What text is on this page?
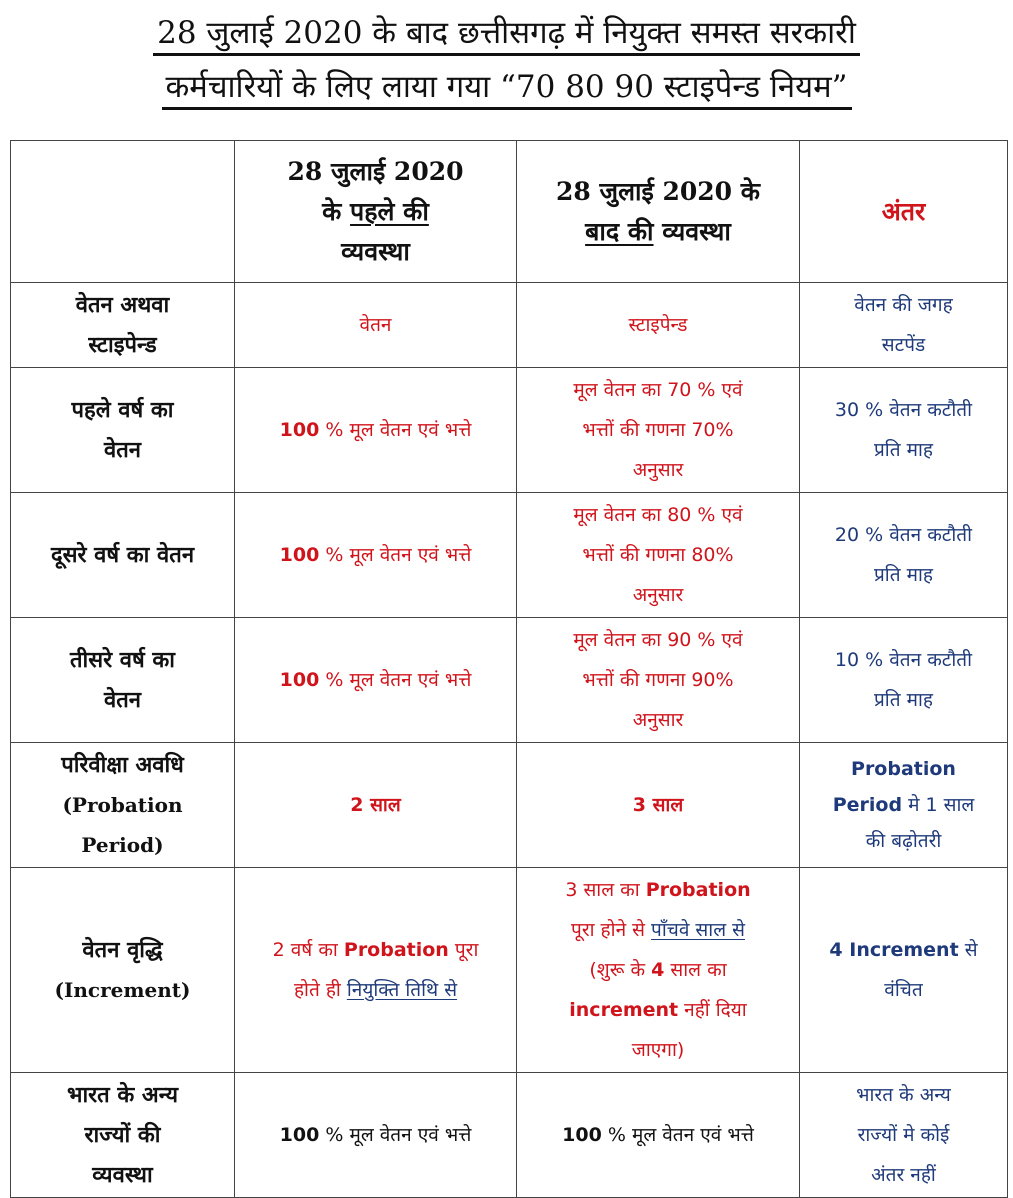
28 जुलाई 2020 के बाद छत्तीसगढ़ में नियुक्त समस्त सरकारी
कर्मचारियों के लिए लाया गया “70 80 90 स्टाइपेन्ड नियम”
	28 जुलाई 2020
के पहले की
व्यवस्था	28 जुलाई 2020 के
बाद की व्यवस्था	अंतर
वेतन अथवा
स्टाइपेन्ड	वेतन	स्टाइपेन्ड	वेतन की जगह
सटपेंड
पहले वर्ष का
वेतन	100 % मूल वेतन एवं भत्ते	मूल वेतन का 70 % एवं
भत्तों की गणना 70%
अनुसार	30 % वेतन कटौती
प्रति माह
दूसरे वर्ष का वेतन	100 % मूल वेतन एवं भत्ते	मूल वेतन का 80 % एवं
भत्तों की गणना 80%
अनुसार	20 % वेतन कटौती
प्रति माह
तीसरे वर्ष का
वेतन	100 % मूल वेतन एवं भत्ते	मूल वेतन का 90 % एवं
भत्तों की गणना 90%
अनुसार	10 % वेतन कटौती
प्रति माह
परिवीक्षा अवधि
(Probation
Period)	2 साल	3 साल	Probation
Period मे 1 साल
की बढ़ोतरी
वेतन वृद्धि
(Increment)	2 वर्ष का Probation पूरा
होते ही नियुक्ति तिथि से	3 साल का Probation
पूरा होने से पाँचवे साल से
(शुरू के 4 साल का
increment नहीं दिया
जाएगा)	4 Increment से
वंचित
भारत के अन्य
राज्यों की
व्यवस्था	100 % मूल वेतन एवं भत्ते	100 % मूल वेतन एवं भत्ते	भारत के अन्य
राज्यों मे कोई
अंतर नहीं
